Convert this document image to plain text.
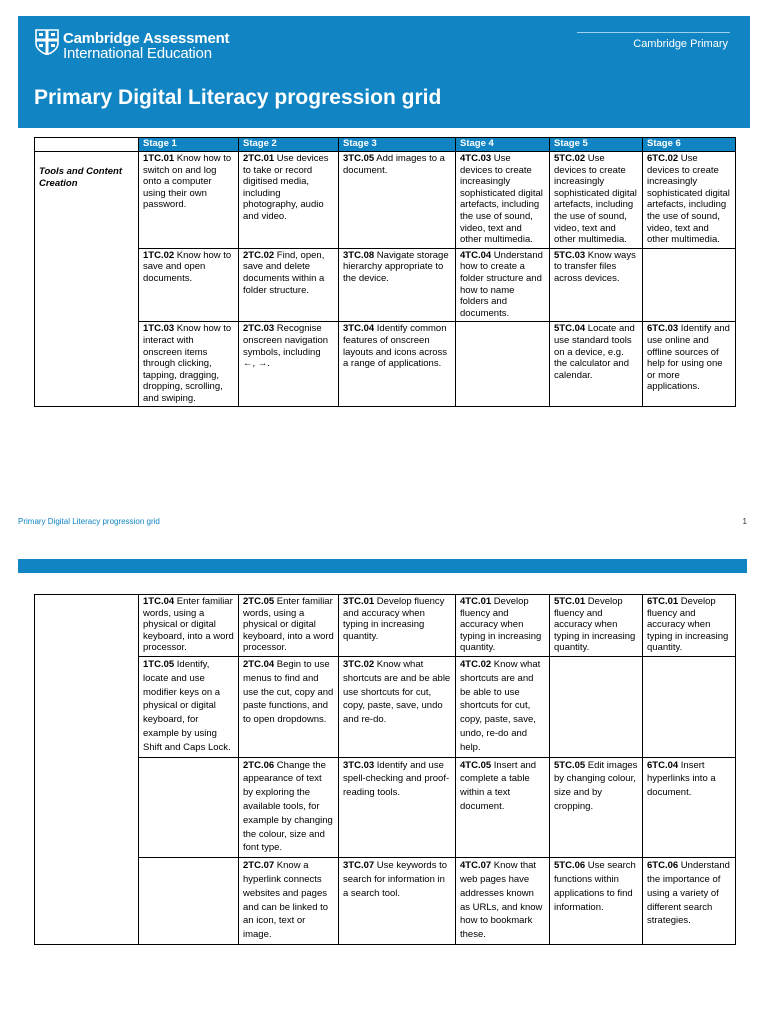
Cambridge Assessment
International Education
Cambridge Primary
Primary Digital Literacy progression grid
	Stage 1	Stage 2	Stage 3	Stage 4	Stage 5	Stage 6
Tools and Content Creation	1TC.01 Know how to switch on and log onto a computer using their own password.	2TC.01 Use devices to take or record digitised media, including photography, audio and video.	3TC.05 Add images to a document.	4TC.03 Use devices to create increasingly sophisticated digital artefacts, including the use of sound, video, text and other multimedia.	5TC.02 Use devices to create increasingly sophisticated digital artefacts, including the use of sound, video, text and other multimedia.	6TC.02 Use devices to create increasingly sophisticated digital artefacts, including the use of sound, video, text and other multimedia.
	1TC.02 Know how to save and open documents.	2TC.02 Find, open, save and delete documents within a folder structure.	3TC.08 Navigate storage hierarchy appropriate to the device.	4TC.04 Understand how to create a folder structure and how to name folders and documents.	5TC.03 Know ways to transfer files across devices.	
	1TC.03 Know how to interact with onscreen items through clicking, tapping, dragging, dropping, scrolling, and swiping.	2TC.03 Recognise onscreen navigation symbols, including ←, →.	3TC.04 Identify common features of onscreen layouts and icons across a range of applications.		5TC.04 Locate and use standard tools on a device, e.g. the calculator and calendar.	6TC.03 Identify and use online and offline sources of help for using one or more applications.
Primary Digital Literacy progression grid	1
	1TC.04 Enter familiar words, using a physical or digital keyboard, into a word processor.	2TC.05 Enter familiar words, using a physical or digital keyboard, into a word processor.	3TC.01 Develop fluency and accuracy when typing in increasing quantity.	4TC.01 Develop fluency and accuracy when typing in increasing quantity.	5TC.01 Develop fluency and accuracy when typing in increasing quantity.	6TC.01 Develop fluency and accuracy when typing in increasing quantity.
	1TC.05 Identify, locate and use modifier keys on a physical or digital keyboard, for example by using Shift and Caps Lock.	2TC.04 Begin to use menus to find and use the cut, copy and paste functions, and to open dropdowns.	3TC.02 Know what shortcuts are and be able use shortcuts for cut, copy, paste, save, undo and re-do.	4TC.02 Know what shortcuts are and be able to use shortcuts for cut, copy, paste, save, undo, re-do and help.		
		2TC.06 Change the appearance of text by exploring the available tools, for example by changing the colour, size and font type.	3TC.03 Identify and use spell-checking and proof-reading tools.	4TC.05 Insert and complete a table within a text document.	5TC.05 Edit images by changing colour, size and by cropping.	6TC.04 Insert hyperlinks into a document.
		2TC.07 Know a hyperlink connects websites and pages and can be linked to an icon, text or image.	3TC.07 Use keywords to search for information in a search tool.	4TC.07 Know that web pages have addresses known as URLs, and know how to bookmark these.	5TC.06 Use search functions within applications to find information.	6TC.06 Understand the importance of using a variety of different search strategies.
